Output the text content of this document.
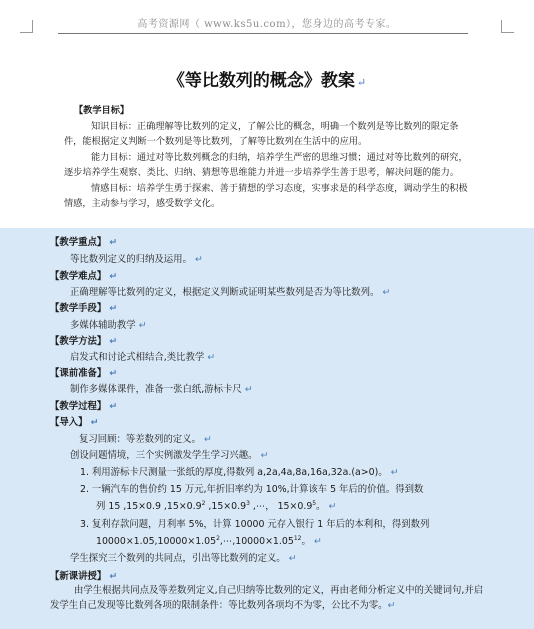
高考资源网（ www.ks5u.com），您身边的高考专家。
《等比数列的概念》教案 ↵
【教学目标】

知识目标：正确理解等比数列的定义，了解公比的概念，明确一个数列是等比数列的限定条件，能根据定义判断一个数列是等比数列，了解等比数列在生活中的应用。

能力目标：通过对等比数列概念的归纳，培养学生严密的思维习惯；通过对等比数列的研究，逐步培养学生观察、类比、归纳、猜想等思维能力并进一步培养学生善于思考，解决问题的能力。

情感目标：培养学生勇于探索、善于猜想的学习态度，实事求是的科学态度，调动学生的积极情感，主动参与学习，感受数学文化。

【教学重点】 ↵
等比数列定义的归纳及运用。 ↵
【教学难点】 ↵
正确理解等比数列的定义，根据定义判断或证明某些数列是否为等比数列。 ↵
【教学手段】 ↵
多媒体辅助教学 ↵
【教学方法】 ↵
启发式和讨论式相结合,类比教学 ↵
【课前准备】 ↵
制作多媒体课件，准备一张白纸,游标卡尺 ↵
【教学过程】 ↵
【导入】 ↵
复习回顾：等差数列的定义。 ↵
创设问题情境，三个实例激发学生学习兴趣。 ↵
1. 利用游标卡尺测量一张纸的厚度,得数列 a,2a,4a,8a,16a,32a.(a>0)。 ↵
2. 一辆汽车的售价约 15 万元,年折旧率约为 10%,计算该车 5 年后的价值。得到数
列 15 ,15×0.9 $,15\times 0.9^2$ $,15\times 0.9^3$ ,⋯， $15\times 0.9^5$。 ↵
3. 复利存款问题，月利率 5%，计算 10000 元存入银行 1 年后的本利和，得到数列
$10000\times 1.05,10000\times 1.05^2,\cdots,10000\times 1.05^{12}$。 ↵
学生探究三个数列的共同点，引出等比数列的定义。 ↵
【新课讲授】 ↵
由学生根据共同点及等差数列定义,自己归纳等比数列的定义，再由老师分析定义中的关键词句,并启发学生自己发现等比数列各项的限制条件：等比数列各项均不为零，公比不为零。↵
